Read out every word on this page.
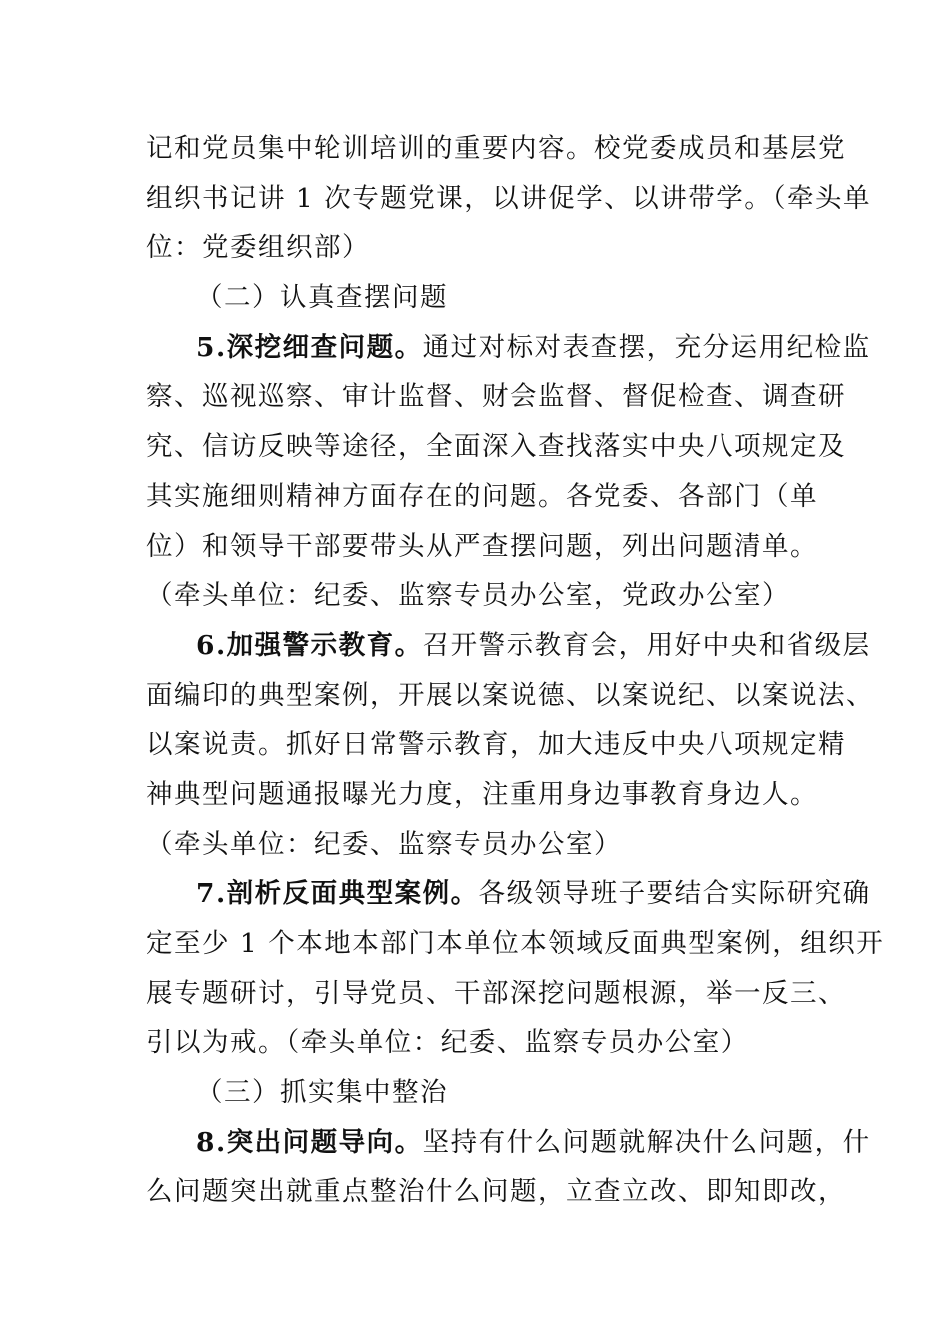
记和党员集中轮训培训的重要内容。校党委成员和基层党
组织书记讲 1 次专题党课，以讲促学、以讲带学。（牵头单
位：党委组织部）
（二）认真查摆问题
5.深挖细查问题。通过对标对表查摆，充分运用纪检监
察、巡视巡察、审计监督、财会监督、督促检查、调查研
究、信访反映等途径，全面深入查找落实中央八项规定及
其实施细则精神方面存在的问题。各党委、各部门（单
位）和领导干部要带头从严查摆问题，列出问题清单。
（牵头单位：纪委、监察专员办公室，党政办公室）
6.加强警示教育。召开警示教育会，用好中央和省级层
面编印的典型案例，开展以案说德、以案说纪、以案说法、
以案说责。抓好日常警示教育，加大违反中央八项规定精
神典型问题通报曝光力度，注重用身边事教育身边人。
（牵头单位：纪委、监察专员办公室）
7.剖析反面典型案例。各级领导班子要结合实际研究确
定至少 1 个本地本部门本单位本领域反面典型案例，组织开
展专题研讨，引导党员、干部深挖问题根源，举一反三、
引以为戒。（牵头单位：纪委、监察专员办公室）
（三）抓实集中整治
8.突出问题导向。坚持有什么问题就解决什么问题，什
么问题突出就重点整治什么问题，立查立改、即知即改，
